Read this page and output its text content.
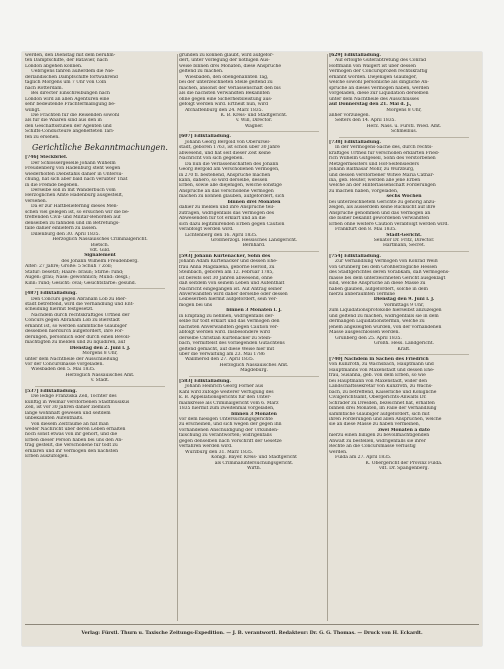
werden, den Dienstag mit dem berühm-
ten Dampfschiffe, der Batavier, nach
London abgehen können.
Uebrigens fahren außerdem die Nie-
derländischen Dampfschiffe fortwährend
täglich Morgens um 7 Uhr von Cöln
nach Rotterdam.
Bei directer Einschreibungen nach
London wird an allen Agenturen eine
sehr bedeutende Frachtermäßigung be-
willigt.
Die Frachten für die Reisenden sowohl
als für die Waaren sind aus den in
den Geschäftsstuben der Agenten und
Schiffs-Conducteure angehefteten Tari-
fen zu ersehen.
Gerichtliche Bekanntmachungen.
[746] Steckbrief.
Der Schlossergeselle Johann Wilhelm
Freudenberg von Hadenburg steht wegen
wiederholten Diebstahls dahier in Untersu-
chung, hat sich aber bald nach verübter That
in die Fremde begeben.
Derselbe soll in mit Wanderbuch vom
Herzoglichen Amte Hadenburg ausgestellt,
versehen.
Da er zur Haftbeliefernng dieses Men-
schen viel gelegen ist, so ersuchen wir die be-
treffenden Civil- und Militär-Behörden auf
denselben zu fahnden und im Betretungs-
falle dahier einliefern zu lassen.
Dillenburg den 30. April 1835.
Herzoglich Nassauisches Criminalgericht.
Bietsch.
vdt. Gild.
Signalement
des Johann Wilhelm Freudenberg.
Alter: 27 Jahre; Größe: 5 Schuh 7 Zoll;
Statur: besetzt; Haare: braun; Stirne: rund;
Augen: grau; Nase: gewöhnlich; Mund: desgl.;
Kinn: rund; Gesicht: oval; Gesichtsfarbe: gesund.
[487] Ediktalladung.
Den Concurs gegen Abraham Löb zu Bier-
stadt betreffend, wird die Verhandlung und Ent-
scheidung hiermit festgesetzt.
Nachdem durch rechtskräftiges Urtheil der
Concurs gegen Abraham Löb zu Bierstadt
erkannt ist, so werden sämmtliche Gläubiger
desselben hierdurch aufgefordert, ihre For-
derungen, persönlich oder durch einen Bevoll-
mächtigten zu melden und zu liquidiren, auf
Dienstag den 2. Juni l. J.
Morgens 8 Uhr,
unter dem Nachtheile der Ausschließung
vor der Concursmasse vorgeladen.
Wiesbaden den 5. Mai 1835.
Herzoglich Nassauisches Amt.
v. Stadt.
[537] Ediktalladung.
Die ledige Franziska Zell, Tochter des
künftig in Weimar verstorbenen Stadtmusikus
Zell, ist vor 30 Jahren dahier ziemlich
lange wohnhaft gewesen und seitdem
unbekannten Aufenthalts.
Von diesem Zeitraume an hat man
weder Nachricht über deren Leben erhalten
noch sonst etwas von ihr gehört, und die
Erben dieser Person haben bei uns den An-
trag gestellt, die Verschollene für todt zu
erklären und ihr Vermögen den nächsten
Erben auszufolgen.
gründen zu können glaubt, wird aufgefor-
dert, unter Vorlegung der nöthigen Aus-
weise binnen drei Monaten, diese Ansprüche
geltend zu machen.
Wiesbaden, den obengenannten Tag,
bei der unterzeichneten Stelle geltend zu
machen, ansonst der Verlassenschaft den bis
als die nächsten Verwandten Bekannten
ohne gegen eine Sicherheitsleistung aus-
gefolgt werden wird. Ertheilt nun, wird
Afchaffenburg den 24. März 1835.
K. B. Kreis- und Stadtgericht.
v. Will, Director.
Wagner.
[607] Ediktalladung.
Johann Georg Bergold von Oberursel-
stadt, geboren 1763, ist schon über 30 Jahre
abwesend, und hat seit dieser Zeit keine
Nachricht von sich gegeben.
Da nun die Verlassenschaften des Johann
Georg Bergold am Verschollenen Vermögen,
in 270 fl. bestehend, Ansprüche machen
kann, dahero, so wird derselbe, dessen
Erben, sowie alle diejenigen, welche sonstige
Ansprüche an das verschollene Vermögen
machen zu können glauben, aufgefordert, sich
binnen drei Monaten
dahier zu melden und ihre Ansprüche teil-
zutragen, widrigenfalls das Vermögen des
Abwesenden für tot erklärt und an die
sich dazu legitimirenden Erben gegen Caution
verabfolgt werden wird.
Lichtenberg den 16. April 1835.
Großherzogl. Hessisches Landgericht.
Bernhard.
[593] Johann Kurtenacker, Sohn des
Johann Adam Kurtenacker und dessen Ehe-
frau Anna Magdalena, geborne Herold, zu
Steinbach, geboren am 12. Februar 1785,
ist bereits seit 30 Jahren abwesend, ohne
daß seitdem von seinem Leben und Aufenthalt
Nachricht eingegangen ist. Auf Antrag seiner
Anverwandten wird daher derselbe oder dessen
Leibeserben hiermit aufgefordert, sein Ver-
mögen bei uns
binnen 3 Monaten l. J.
in Empfang zu nehmen, widrigenfalls der-
selbe für todt erklärt und das Vermögen den
nächsten Anverwandten gegen Caution ver-
abfolgt werden wird. Insbesondere wird
derselbe Christian Kurtenacker zu Stein-
bach, vermittelst des vorliegenden Gutachtens
geltend gemacht, auf diese Weise hier mit
über die Verwaltung am 23. Mai 1786
Wallmerod den 27. April 1835.
Herzoglich Nassauisches Amt.
Magdeburg.
[583] Ediktalladung.
Johann Heinrich Georg Förner aus
Kahl wird zufolge weiterer Verfügung des
k. B. Appellationsgerichts für den Unter-
mainkreise als Criminalgericht vom 6. März
1835 hiermit zum zweitenmal vorgeladen,
binnen 3 Monaten
vor dem hiesigen Untersuchungsgerichte
zu erscheinen, und sich wegen der gegen ihn
vorhandenen Anschuldigung der Urkunden-
fälschung zu verantworten; widrigenfalls
gegen denselben nach Vorschrift der Gesetze
verfahren werden wird.
Würzburg den 31. März 1835.
Königl. Bayer. Kreis- und Stadtgericht
als Criminaluntersuchungsgericht.
Wirth.
[629] Ediktalladung.
Auf erfolgte Güterabtretung des Conrad
Hoffmann von Wälgert ist über dessen
Vermögen der Concursprozeß rechtskräftig
erkannt worden. Diejenigen Gläubiger,
welche sowohl persönliche als dingliche An-
sprüche an dieses Vermögen haben, werden
vorgeladen, diese zur Liquidation derselben
unter dem Nachtheile des Ausschlusses
auf Donnerstag den 21. Mai d. J.,
Morgens 8 Uhr,
anher vorzulegen.
Selters den 14. April 1835.
Herz. Nass. u. Fürstl. Wied. Amt.
Schmellius.
[738] Ediktalladung.
In der Vermögens-Sache des, durch rechts-
kräftiges Urtheil für verschollen erklärten Fried-
rich Wilhelm Gutgesell, Sohn des verstorbenen
Metzgermeisters und Hof-Seifensieders
Johann Balthasar Mohr, zu Würzburg,
und dessen verstorbener Witwe Maria Cathar-
ina, geb. Reuter, werden alle jene Erben
welche an der Hinterlassenschaft Forderungen
zu machen haben, vorgeladen,
sechs Wochen
bei unterzeichnetem Gerichte zu gehörig anzu-
zeigen, als ausserdem keine Rücksicht auf ihre
Ansprüche genommen und das Vermögen an
die bisher bekannt gewordenen verwandten
Erben ohne weitere Caution verabfolgt werden wird.
Frankfurt den 8. Mai 1835.
Stadt-Gericht.
Senator Dr. Fritz, Director.
Hartmann, Secret.
[754] Ediktalladung.
Zur Verhandlung Vermögen von Konrad Weiß
von Grünberg bei dem Großherzogliche Hessen
des Stadtgerichtes deren Vorabkam, daß Vermögens-
masse bei dem unterzeichneten Gericht ausgeklagt
sind, welche Ansprüche an diese Masse zu
haben glauben, aufgefordert, solche in dem
hierzu anberaumten Termine
Dienstag den 9. Juni l. J.
Vormittags 9 Uhr,
zum Liquidationsprotokolle hierselbst anzuzeigen
und geltend zu machen, widrigenfalls sie in dem
dermaligen Liquidationstermin, welche zu
jenem angezeigten wurden, von der vorhandenen
Masse ausgeschlossen werden.
Grünberg den 25. April 1835.
Großh. Hess. Landgericht.
Kraft.
[740] Nachdem in Sachen des Friedrich
von Kunzroth, zu Wachsbach, Hauptmann und
Hauptmanns von Maxenstadt und dessen Ehe-
frau, Susanna, geb. von dem Erben, so wie
bei Hauptmann von Maxenstadt, wider den
Landschaftssekretär von Kunzroth, zu Wachs-
bach, zu betreffend, Kaiserliche und Königliche
Civilgerichtsamt, Obergerichts-Anwalts Dr.
Schrader zu Dresden, bezeichnet hat, erhalten
binnen drei Monaten, im Falle der Verhandlung
sämmtliche Gläubiger aufgefordert, sich mit
ihren Forderungen und allen Ansprüchen, welche
sie an diese Masse zu haben vermeinen,
zwei Monaten a dato
hierzu einen billigen zu bevollmächtigenden
Anwalt zu bestellen, widrigenfalls sie ihrer
Rechte an die Concursmasse verlustig
werden.
Fulda am 27. April 1835.
K. Obergericht der Provinz Fulda.
vdt. Dr. Spangenberg.
Verlag: Fürstl. Thurn u. Taxische Zeitungs-Expedition. — J. B. verantwortl. Redakteur: Dr. G. G. Thomas. — Druck von H. Eckardt.
